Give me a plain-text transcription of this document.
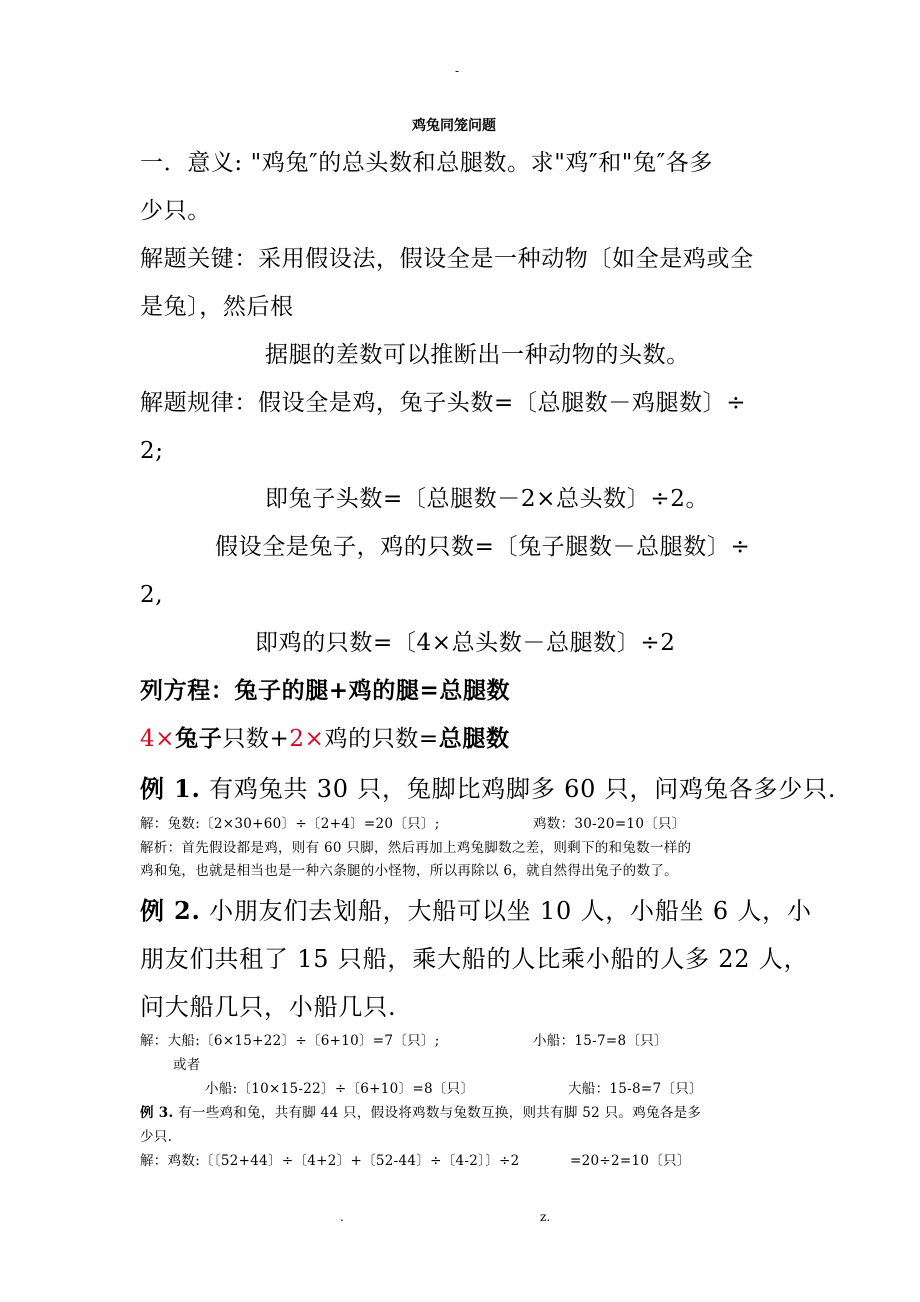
-
鸡兔同笼问题
一．意义: "鸡兔″的总头数和总腿数。求"鸡″和"兔″各多
少只。
解题关键：采用假设法，假设全是一种动物〔如全是鸡或全
是兔〕，然后根
据腿的差数可以推断出一种动物的头数。
解题规律：假设全是鸡，兔子头数=〔总腿数－鸡腿数〕÷
2;
即兔子头数=〔总腿数－2×总头数〕÷2。
假设全是兔子，鸡的只数=〔兔子腿数－总腿数〕÷
2,
即鸡的只数=〔4×总头数－总腿数〕÷2
列方程：兔子的腿+鸡的腿=总腿数
4×兔子只数+2×鸡的只数=总腿数
例 1. 有鸡兔共 30 只，兔脚比鸡脚多 60 只，问鸡兔各多少只.
解：兔数:〔2×30+60〕÷〔2+4〕=20〔只〕;	鸡数：30-20=10〔只〕
解析：首先假设都是鸡，则有 60 只脚，然后再加上鸡兔脚数之差，则剩下的和兔数一样的
鸡和兔，也就是相当也是一种六条腿的小怪物，所以再除以 6，就自然得出兔子的数了。
例 2. 小朋友们去划船，大船可以坐 10 人，小船坐 6 人，小
朋友们共租了 15 只船，乘大船的人比乘小船的人多 22 人，
问大船几只，小船几只.
解：大船:〔6×15+22〕÷〔6+10〕=7〔只〕;	小船：15-7=8〔只〕
或者
小船:〔10×15-22〕÷〔6+10〕=8〔只〕	大船：15-8=7〔只〕
例 3. 有一些鸡和兔，共有脚 44 只，假设将鸡数与兔数互换，则共有脚 52 只。鸡兔各是多
少只.
解：鸡数:〔〔52+44〕÷〔4+2〕+〔52-44〕÷〔4-2〕〕÷2	=20÷2=10〔只〕
.	z.
